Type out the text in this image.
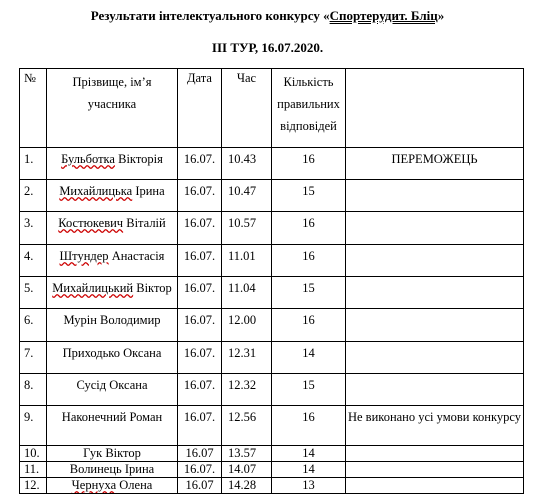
Результати інтелектуального конкурсу «Спортерудит. Бліц»
ІІІ ТУР, 16.07.2020.
№	Прізвище, ім’я учасника	Дата	Час	Кількість правильних відповідей	
1.	Бульботка Вікторія	16.07.	10.43	16	ПЕРЕМОЖЕЦЬ
2.	Михайлицька Ірина	16.07.	10.47	15	
3.	Костюкевич Віталій	16.07.	10.57	16	
4.	Штундер Анастасія	16.07.	11.01	16	
5.	Михайлицький Віктор	16.07.	11.04	15	
6.	Мурін Володимир	16.07.	12.00	16	
7.	Приходько Оксана	16.07.	12.31	14	
8.	Сусід Оксана	16.07.	12.32	15	
9.	Наконечний Роман	16.07.	12.56	16	Не виконано усі умови конкурсу
10.	Гук Віктор	16.07	13.57	14	
11.	Волинець Ірина	16.07.	14.07	14	
12.	Чернуха Олена	16.07	14.28	13	
